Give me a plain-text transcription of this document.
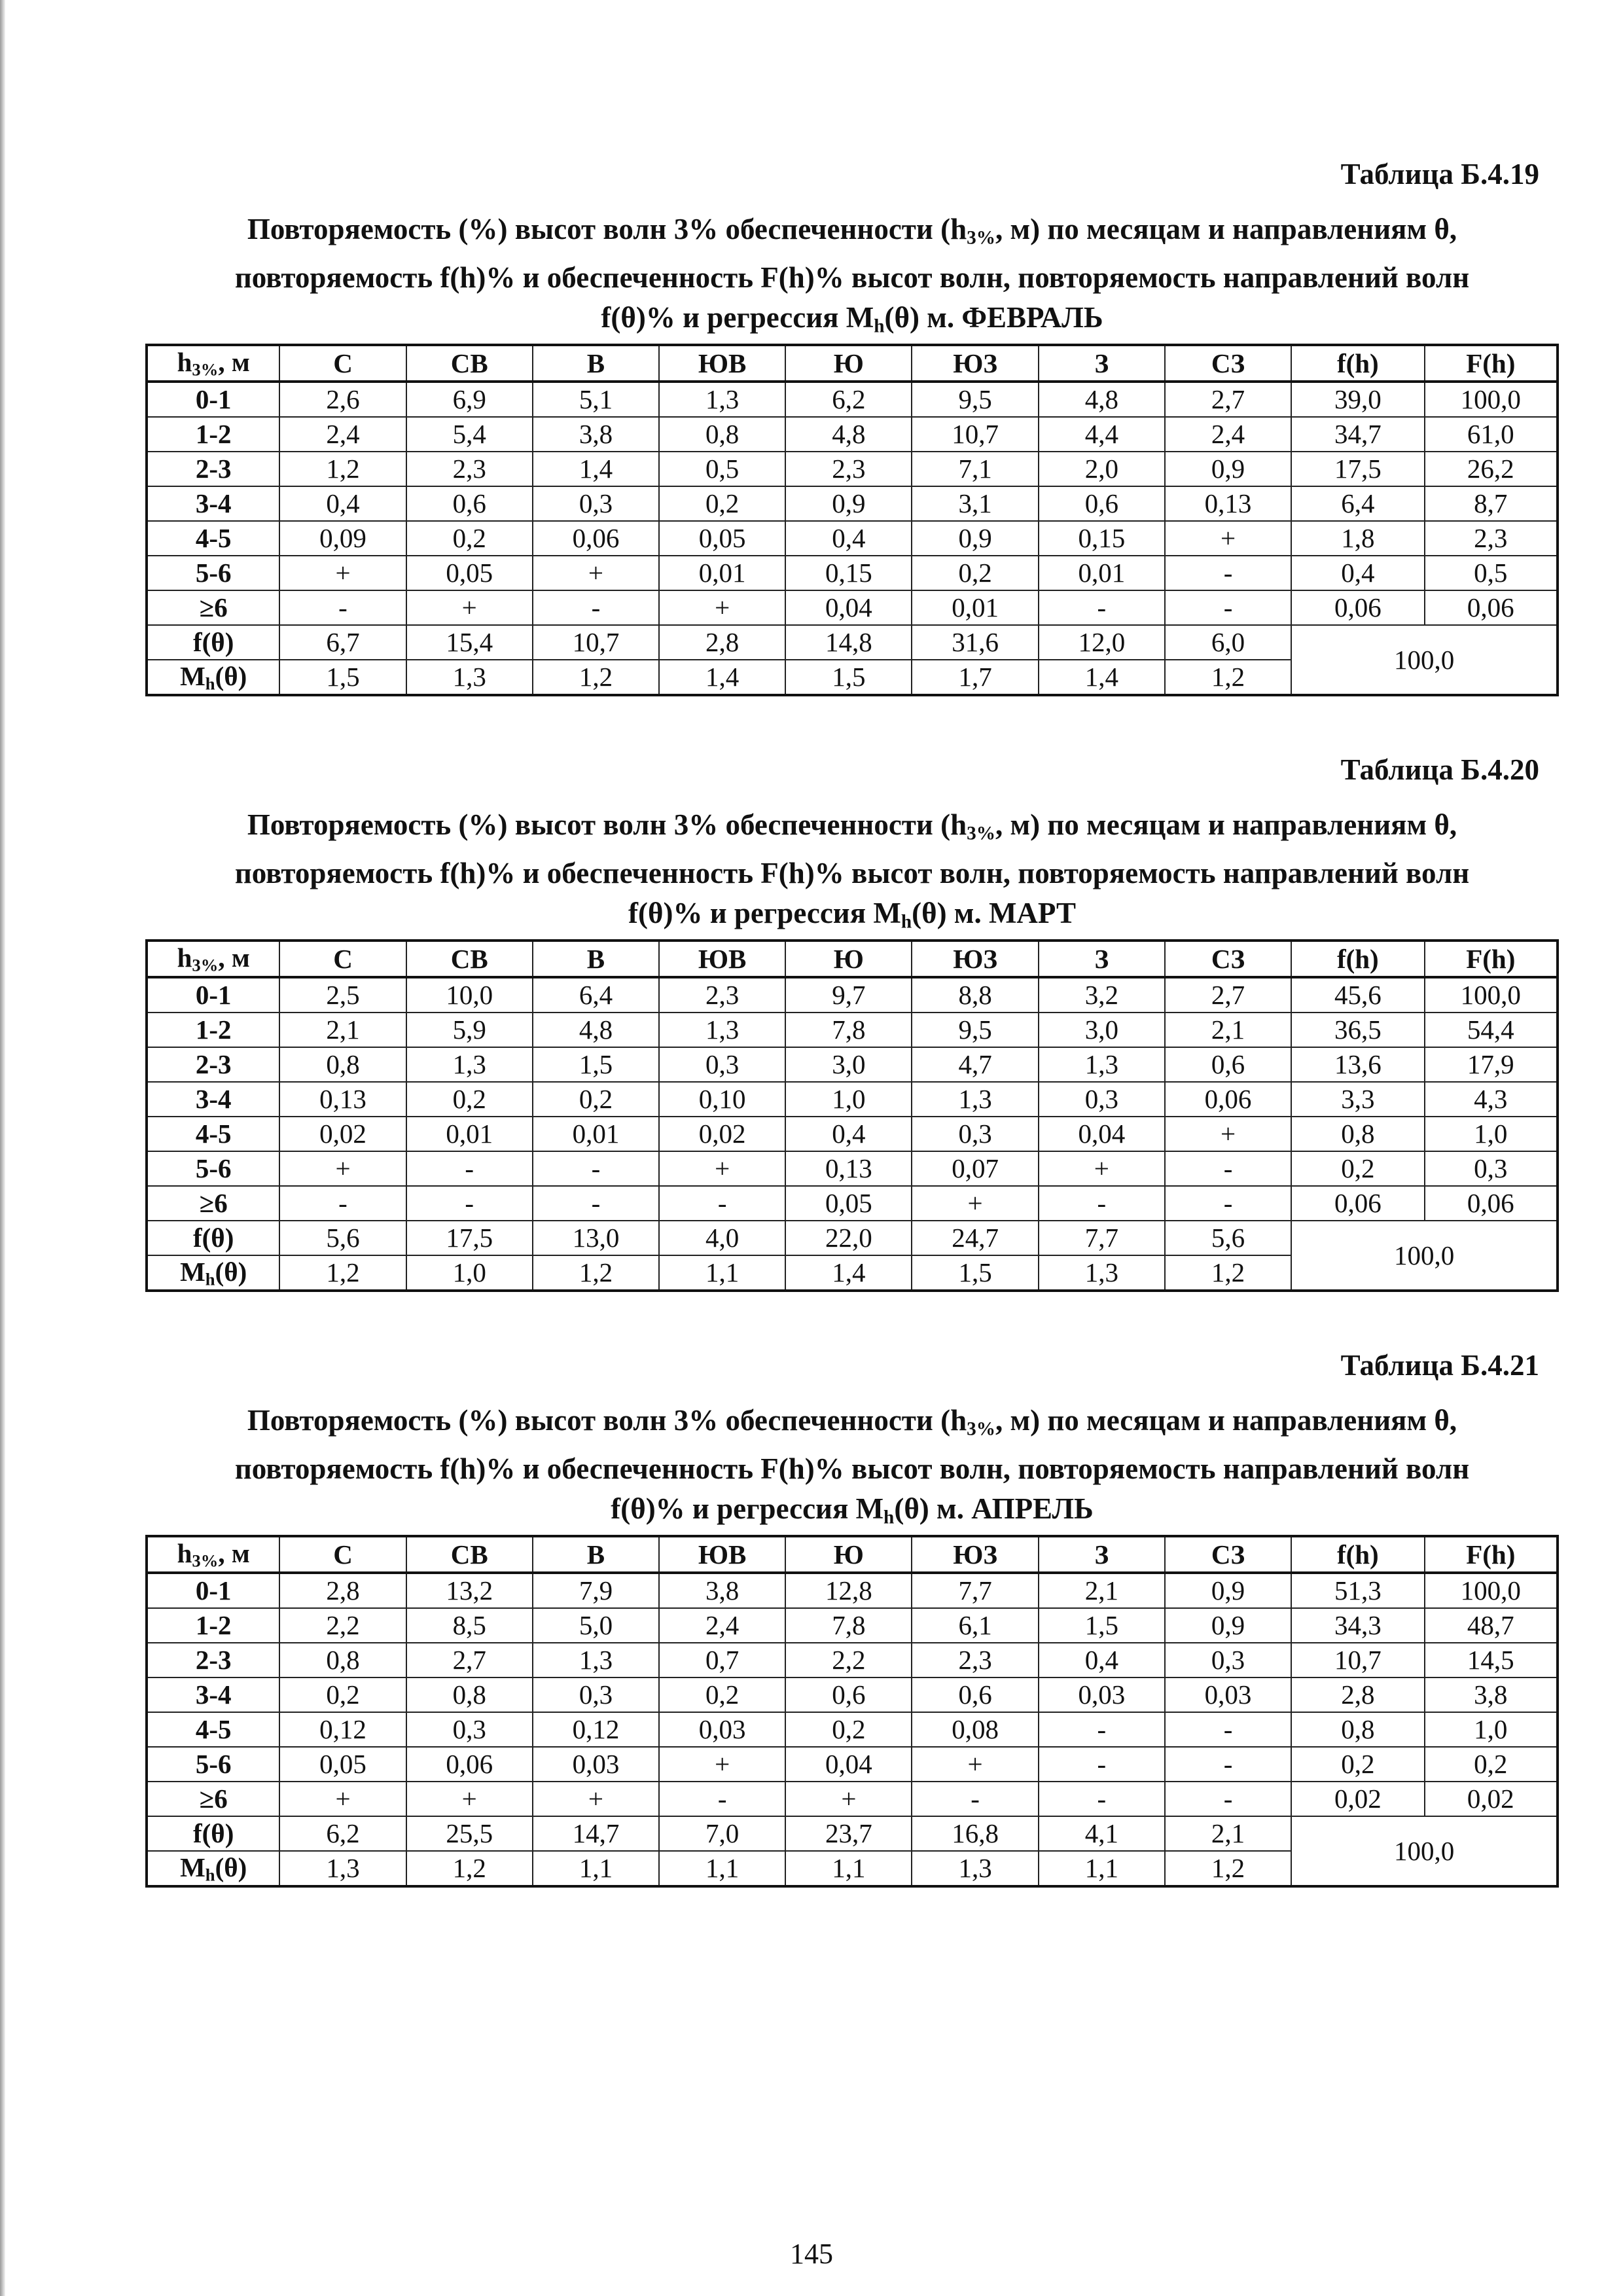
Таблица Б.4.19
Повторяемость (%) высот волн 3% обеспеченности ($h_{3\%}$, м) по месяцам и направлениям θ,
повторяемость f(h)% и обеспеченность F(h)% высот волн, повторяемость направлений волн
f(θ)% и регрессия $M_h(\theta)$ м. ФЕВРАЛЬ
$h_{3\%}$, м	С	СВ	В	ЮВ	Ю	ЮЗ	З	СЗ	f(h)	F(h)
0-1	2,6	6,9	5,1	1,3	6,2	9,5	4,8	2,7	39,0	100,0
1-2	2,4	5,4	3,8	0,8	4,8	10,7	4,4	2,4	34,7	61,0
2-3	1,2	2,3	1,4	0,5	2,3	7,1	2,0	0,9	17,5	26,2
3-4	0,4	0,6	0,3	0,2	0,9	3,1	0,6	0,13	6,4	8,7
4-5	0,09	0,2	0,06	0,05	0,4	0,9	0,15	+	1,8	2,3
5-6	+	0,05	+	0,01	0,15	0,2	0,01	-	0,4	0,5
≥6	-	+	-	+	0,04	0,01	-	-	0,06	0,06
f(θ)	6,7	15,4	10,7	2,8	14,8	31,6	12,0	6,0	100,0	
$M_h(\theta)$	1,5	1,3	1,2	1,4	1,5	1,7	1,4	1,2		
Таблица Б.4.20
Повторяемость (%) высот волн 3% обеспеченности ($h_{3\%}$, м) по месяцам и направлениям θ,
повторяемость f(h)% и обеспеченность F(h)% высот волн, повторяемость направлений волн
f(θ)% и регрессия $M_h(\theta)$ м. МАРТ
$h_{3\%}$, м	С	СВ	В	ЮВ	Ю	ЮЗ	З	СЗ	f(h)	F(h)
0-1	2,5	10,0	6,4	2,3	9,7	8,8	3,2	2,7	45,6	100,0
1-2	2,1	5,9	4,8	1,3	7,8	9,5	3,0	2,1	36,5	54,4
2-3	0,8	1,3	1,5	0,3	3,0	4,7	1,3	0,6	13,6	17,9
3-4	0,13	0,2	0,2	0,10	1,0	1,3	0,3	0,06	3,3	4,3
4-5	0,02	0,01	0,01	0,02	0,4	0,3	0,04	+	0,8	1,0
5-6	+	-	-	+	0,13	0,07	+	-	0,2	0,3
≥6	-	-	-	-	0,05	+	-	-	0,06	0,06
f(θ)	5,6	17,5	13,0	4,0	22,0	24,7	7,7	5,6	100,0	
$M_h(\theta)$	1,2	1,0	1,2	1,1	1,4	1,5	1,3	1,2		
Таблица Б.4.21
Повторяемость (%) высот волн 3% обеспеченности ($h_{3\%}$, м) по месяцам и направлениям θ,
повторяемость f(h)% и обеспеченность F(h)% высот волн, повторяемость направлений волн
f(θ)% и регрессия $M_h(\theta)$ м. АПРЕЛЬ
$h_{3\%}$, м	С	СВ	В	ЮВ	Ю	ЮЗ	З	СЗ	f(h)	F(h)
0-1	2,8	13,2	7,9	3,8	12,8	7,7	2,1	0,9	51,3	100,0
1-2	2,2	8,5	5,0	2,4	7,8	6,1	1,5	0,9	34,3	48,7
2-3	0,8	2,7	1,3	0,7	2,2	2,3	0,4	0,3	10,7	14,5
3-4	0,2	0,8	0,3	0,2	0,6	0,6	0,03	0,03	2,8	3,8
4-5	0,12	0,3	0,12	0,03	0,2	0,08	-	-	0,8	1,0
5-6	0,05	0,06	0,03	+	0,04	+	-	-	0,2	0,2
≥6	+	+	+	-	+	-	-	-	0,02	0,02
f(θ)	6,2	25,5	14,7	7,0	23,7	16,8	4,1	2,1	100,0	
$M_h(\theta)$	1,3	1,2	1,1	1,1	1,1	1,3	1,1	1,2		
145
